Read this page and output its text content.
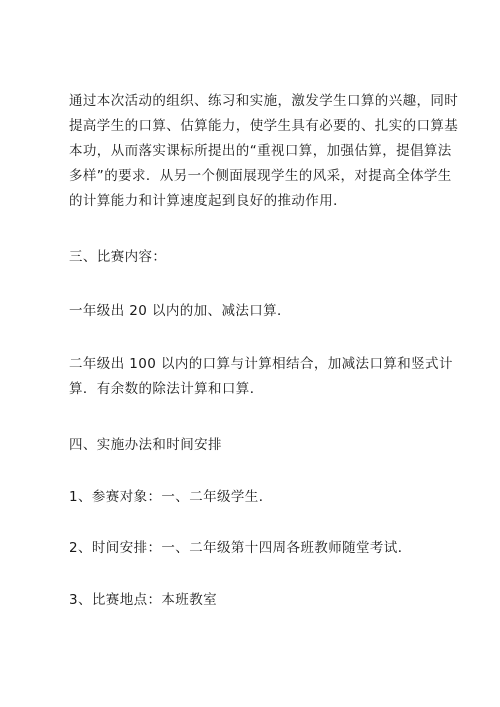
通过本次活动的组织、练习和实施，激发学生口算的兴趣，同时
提高学生的口算、估算能力，使学生具有必要的、扎实的口算基
本功，从而落实课标所提出的“重视口算，加强估算，提倡算法
多样”的要求．从另一个侧面展现学生的风采，对提高全体学生
的计算能力和计算速度起到良好的推动作用．

三、比赛内容：

一年级出 20 以内的加、减法口算．

二年级出 100 以内的口算与计算相结合，加减法口算和竖式计
算．有余数的除法计算和口算．

四、实施办法和时间安排

1、参赛对象：一、二年级学生．

2、时间安排：一、二年级第十四周各班教师随堂考试．

3、比赛地点：本班教室
